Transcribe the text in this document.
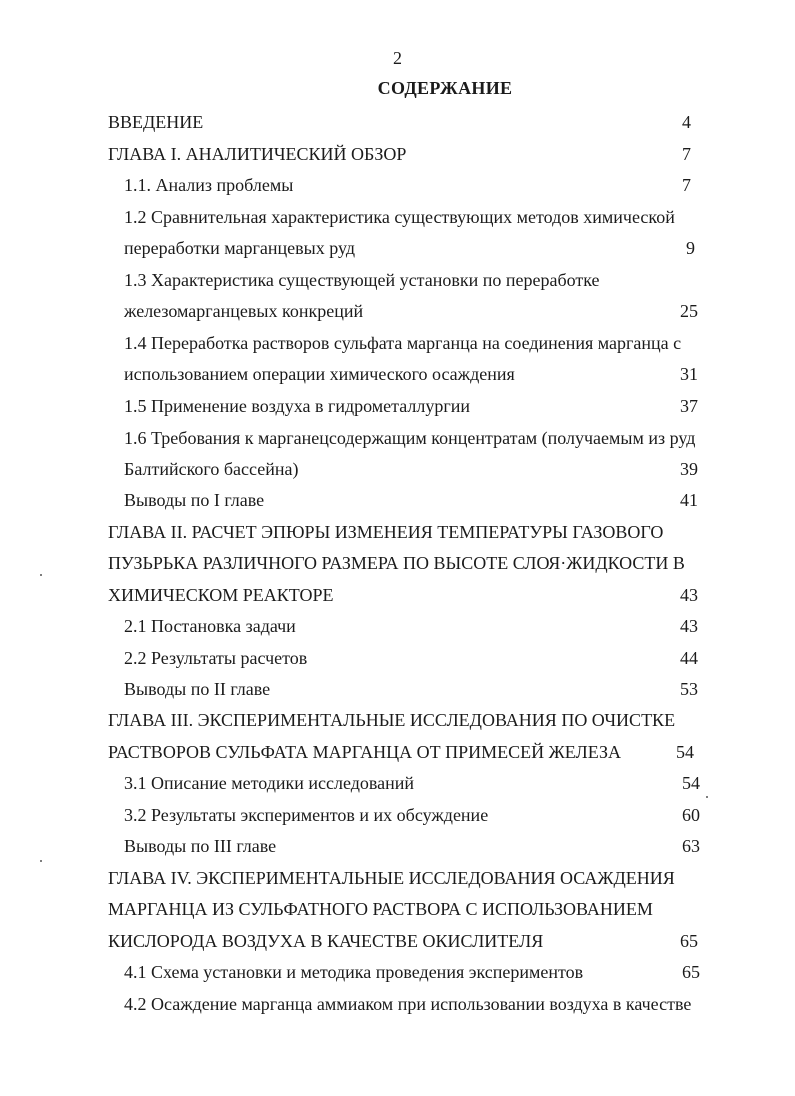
2
СОДЕРЖАНИЕ
ВВЕДЕНИЕ	4
ГЛАВА I. АНАЛИТИЧЕСКИЙ ОБЗОР	7
1.1. Анализ проблемы	7
1.2 Сравнительная характеристика существующих методов химической
переработки марганцевых руд	9
1.3 Характеристика существующей установки по переработке
железомарганцевых конкреций	25
1.4 Переработка растворов сульфата марганца на соединения марганца с
использованием операции химического осаждения	31
1.5 Применение воздуха в гидрометаллургии	37
1.6 Требования к марганецсодержащим концентратам (получаемым из руд
Балтийского бассейна)	39
Выводы по I главе	41
ГЛАВА II. РАСЧЕТ ЭПЮРЫ ИЗМЕНЕИЯ ТЕМПЕРАТУРЫ ГАЗОВОГО
ПУЗЬРЬКА РАЗЛИЧНОГО РАЗМЕРА ПО ВЫСОТЕ СЛОЯ·ЖИДКОСТИ В
ХИМИЧЕСКОМ РЕАКТОРЕ	43
2.1 Постановка задачи	43
2.2 Результаты расчетов	44
Выводы по II главе	53
ГЛАВА III. ЭКСПЕРИМЕНТАЛЬНЫЕ ИССЛЕДОВАНИЯ ПО ОЧИСТКЕ
РАСТВОРОВ СУЛЬФАТА МАРГАНЦА ОТ ПРИМЕСЕЙ ЖЕЛЕЗА	54
3.1 Описание методики исследований	54
3.2 Результаты экспериментов и их обсуждение	60
Выводы по III главе	63
ГЛАВА IV. ЭКСПЕРИМЕНТАЛЬНЫЕ ИССЛЕДОВАНИЯ ОСАЖДЕНИЯ
МАРГАНЦА ИЗ СУЛЬФАТНОГО РАСТВОРА С ИСПОЛЬЗОВАНИЕМ
КИСЛОРОДА ВОЗДУХА В КАЧЕСТВЕ ОКИСЛИТЕЛЯ	65
4.1 Схема установки и методика проведения экспериментов	65
4.2 Осаждение марганца аммиаком при использовании воздуха в качестве
